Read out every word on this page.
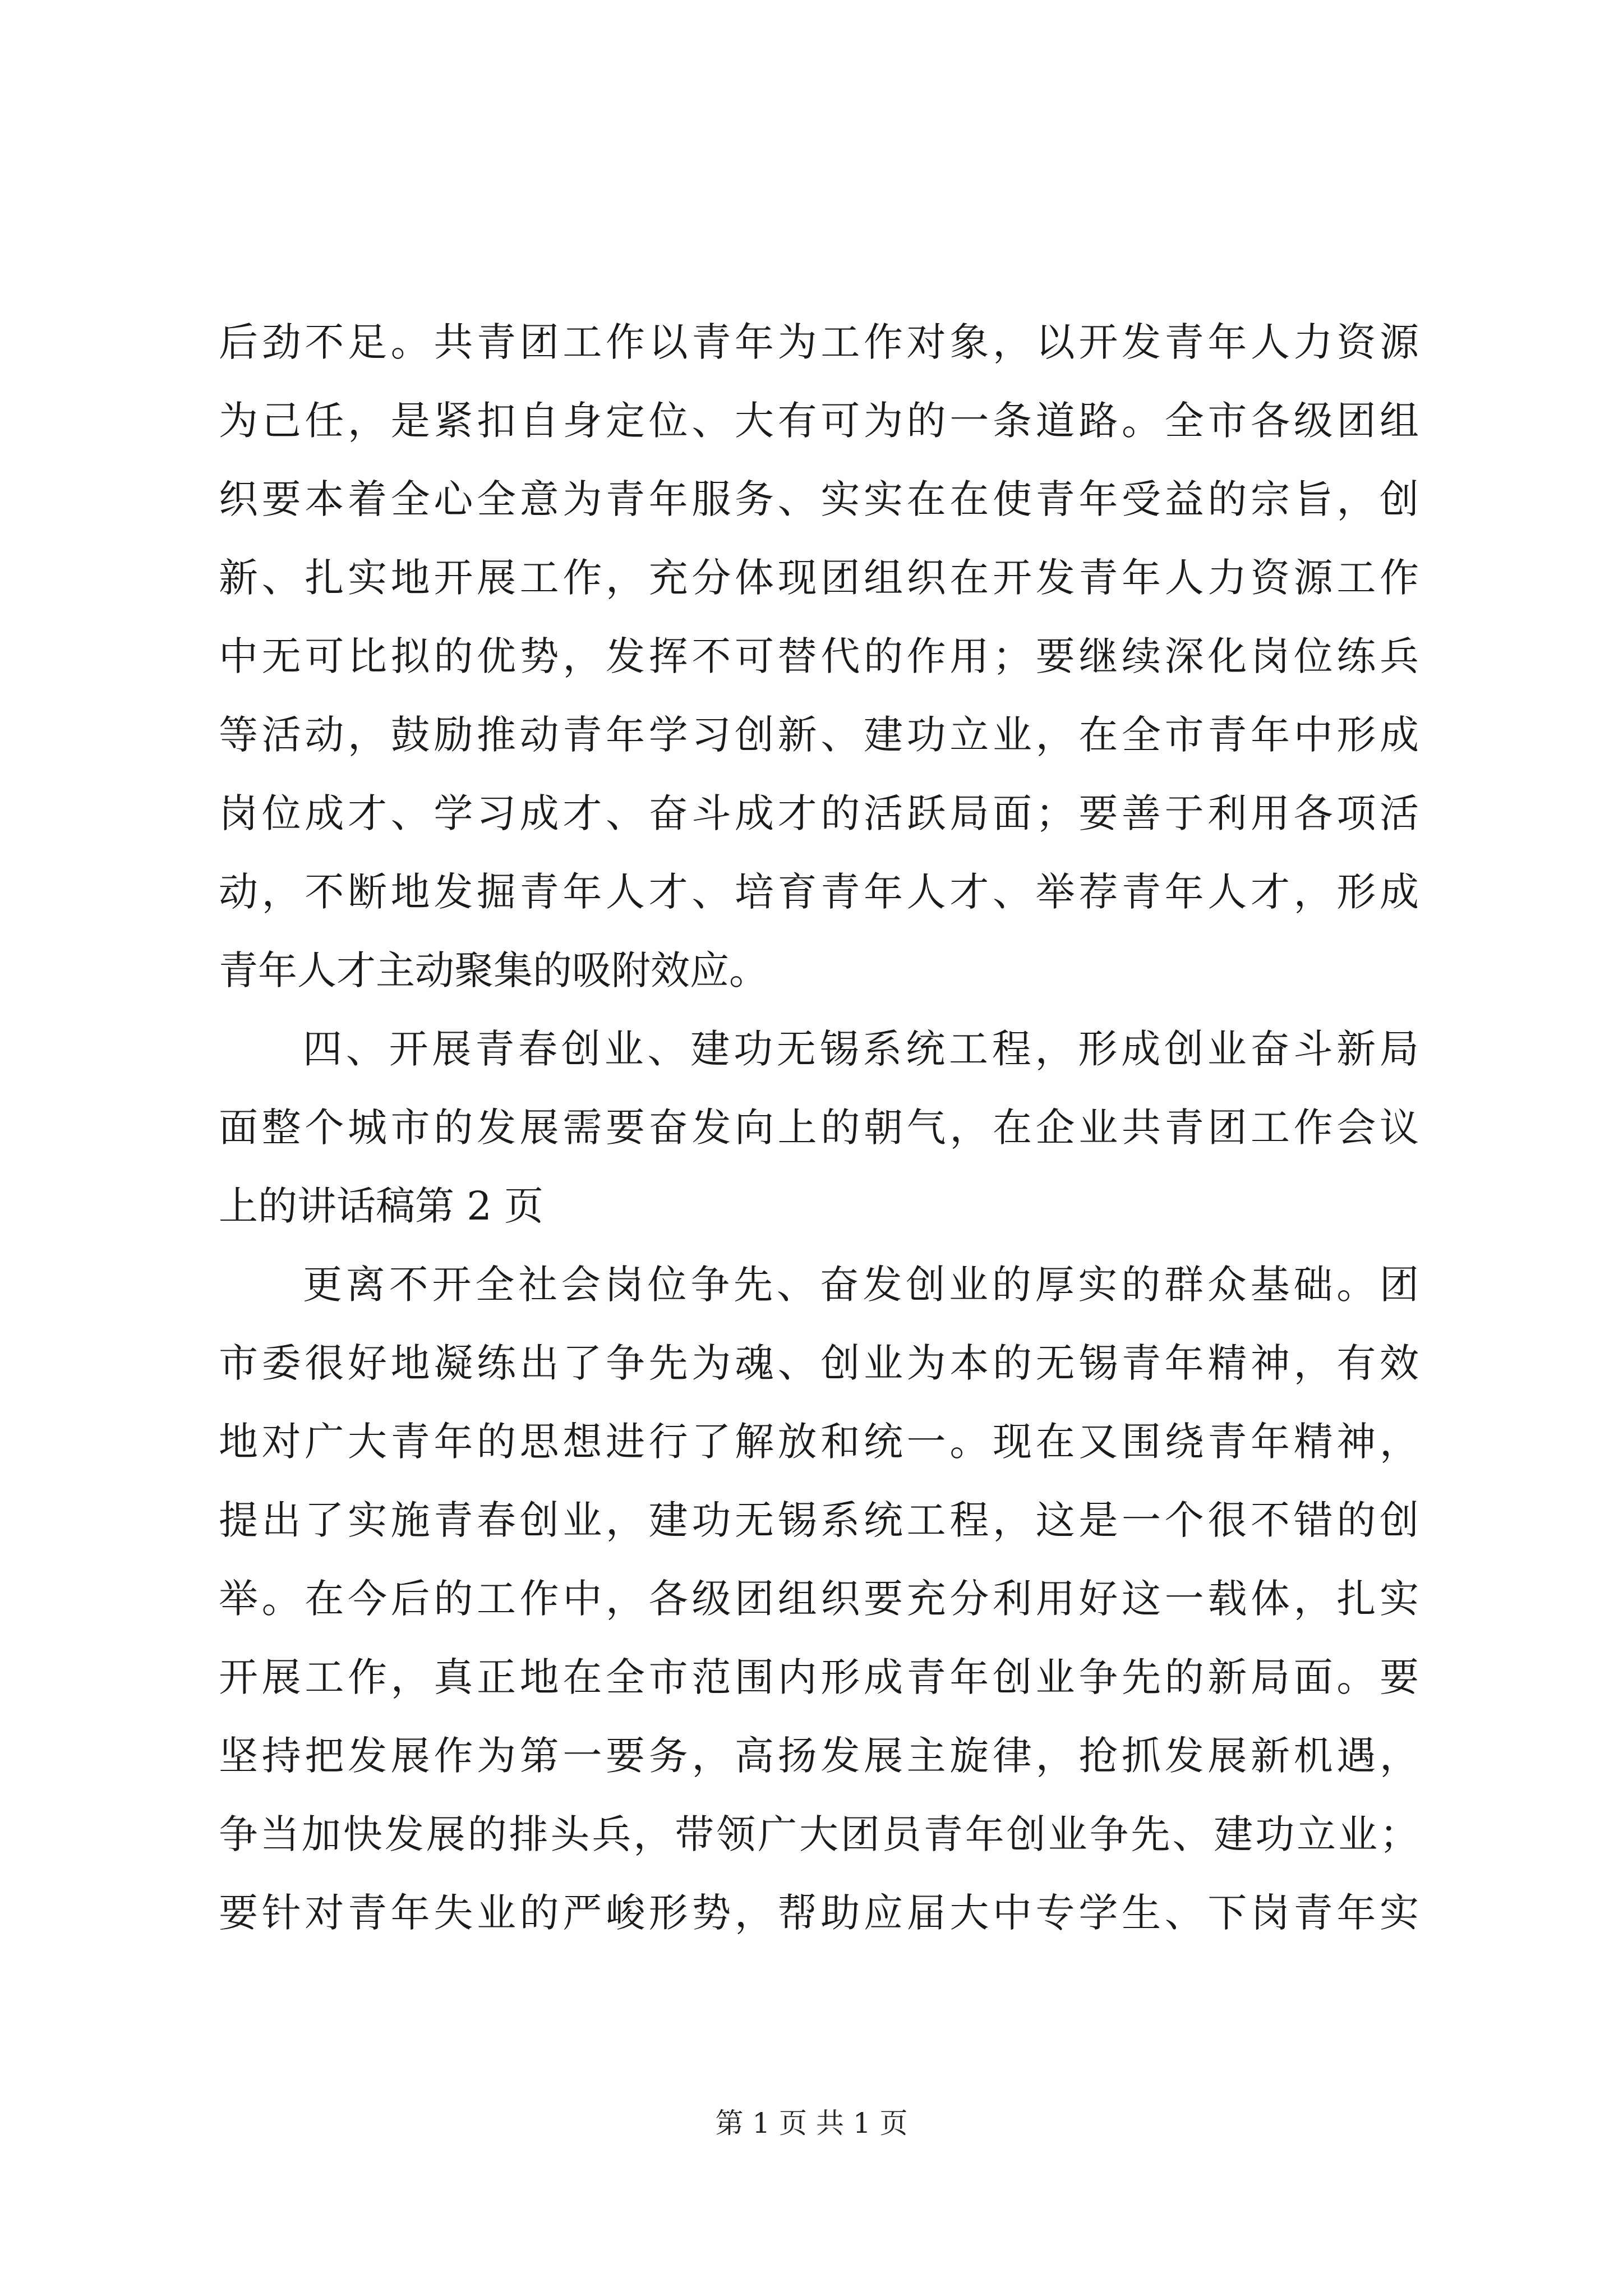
后劲不足。共青团工作以青年为工作对象，以开发青年人力资源
为己任，是紧扣自身定位、大有可为的一条道路。全市各级团组
织要本着全心全意为青年服务、实实在在使青年受益的宗旨，创
新、扎实地开展工作，充分体现团组织在开发青年人力资源工作
中无可比拟的优势，发挥不可替代的作用；要继续深化岗位练兵
等活动，鼓励推动青年学习创新、建功立业，在全市青年中形成
岗位成才、学习成才、奋斗成才的活跃局面；要善于利用各项活
动，不断地发掘青年人才、培育青年人才、举荐青年人才，形成
青年人才主动聚集的吸附效应。
四、开展青春创业、建功无锡系统工程，形成创业奋斗新局
面整个城市的发展需要奋发向上的朝气，在企业共青团工作会议
上的讲话稿第 2 页
更离不开全社会岗位争先、奋发创业的厚实的群众基础。团
市委很好地凝练出了争先为魂、创业为本的无锡青年精神，有效
地对广大青年的思想进行了解放和统一。现在又围绕青年精神，
提出了实施青春创业，建功无锡系统工程，这是一个很不错的创
举。在今后的工作中，各级团组织要充分利用好这一载体，扎实
开展工作，真正地在全市范围内形成青年创业争先的新局面。要
坚持把发展作为第一要务，高扬发展主旋律，抢抓发展新机遇，
争当加快发展的排头兵，带领广大团员青年创业争先、建功立业；
要针对青年失业的严峻形势，帮助应届大中专学生、下岗青年实
第 1 页 共 1 页
